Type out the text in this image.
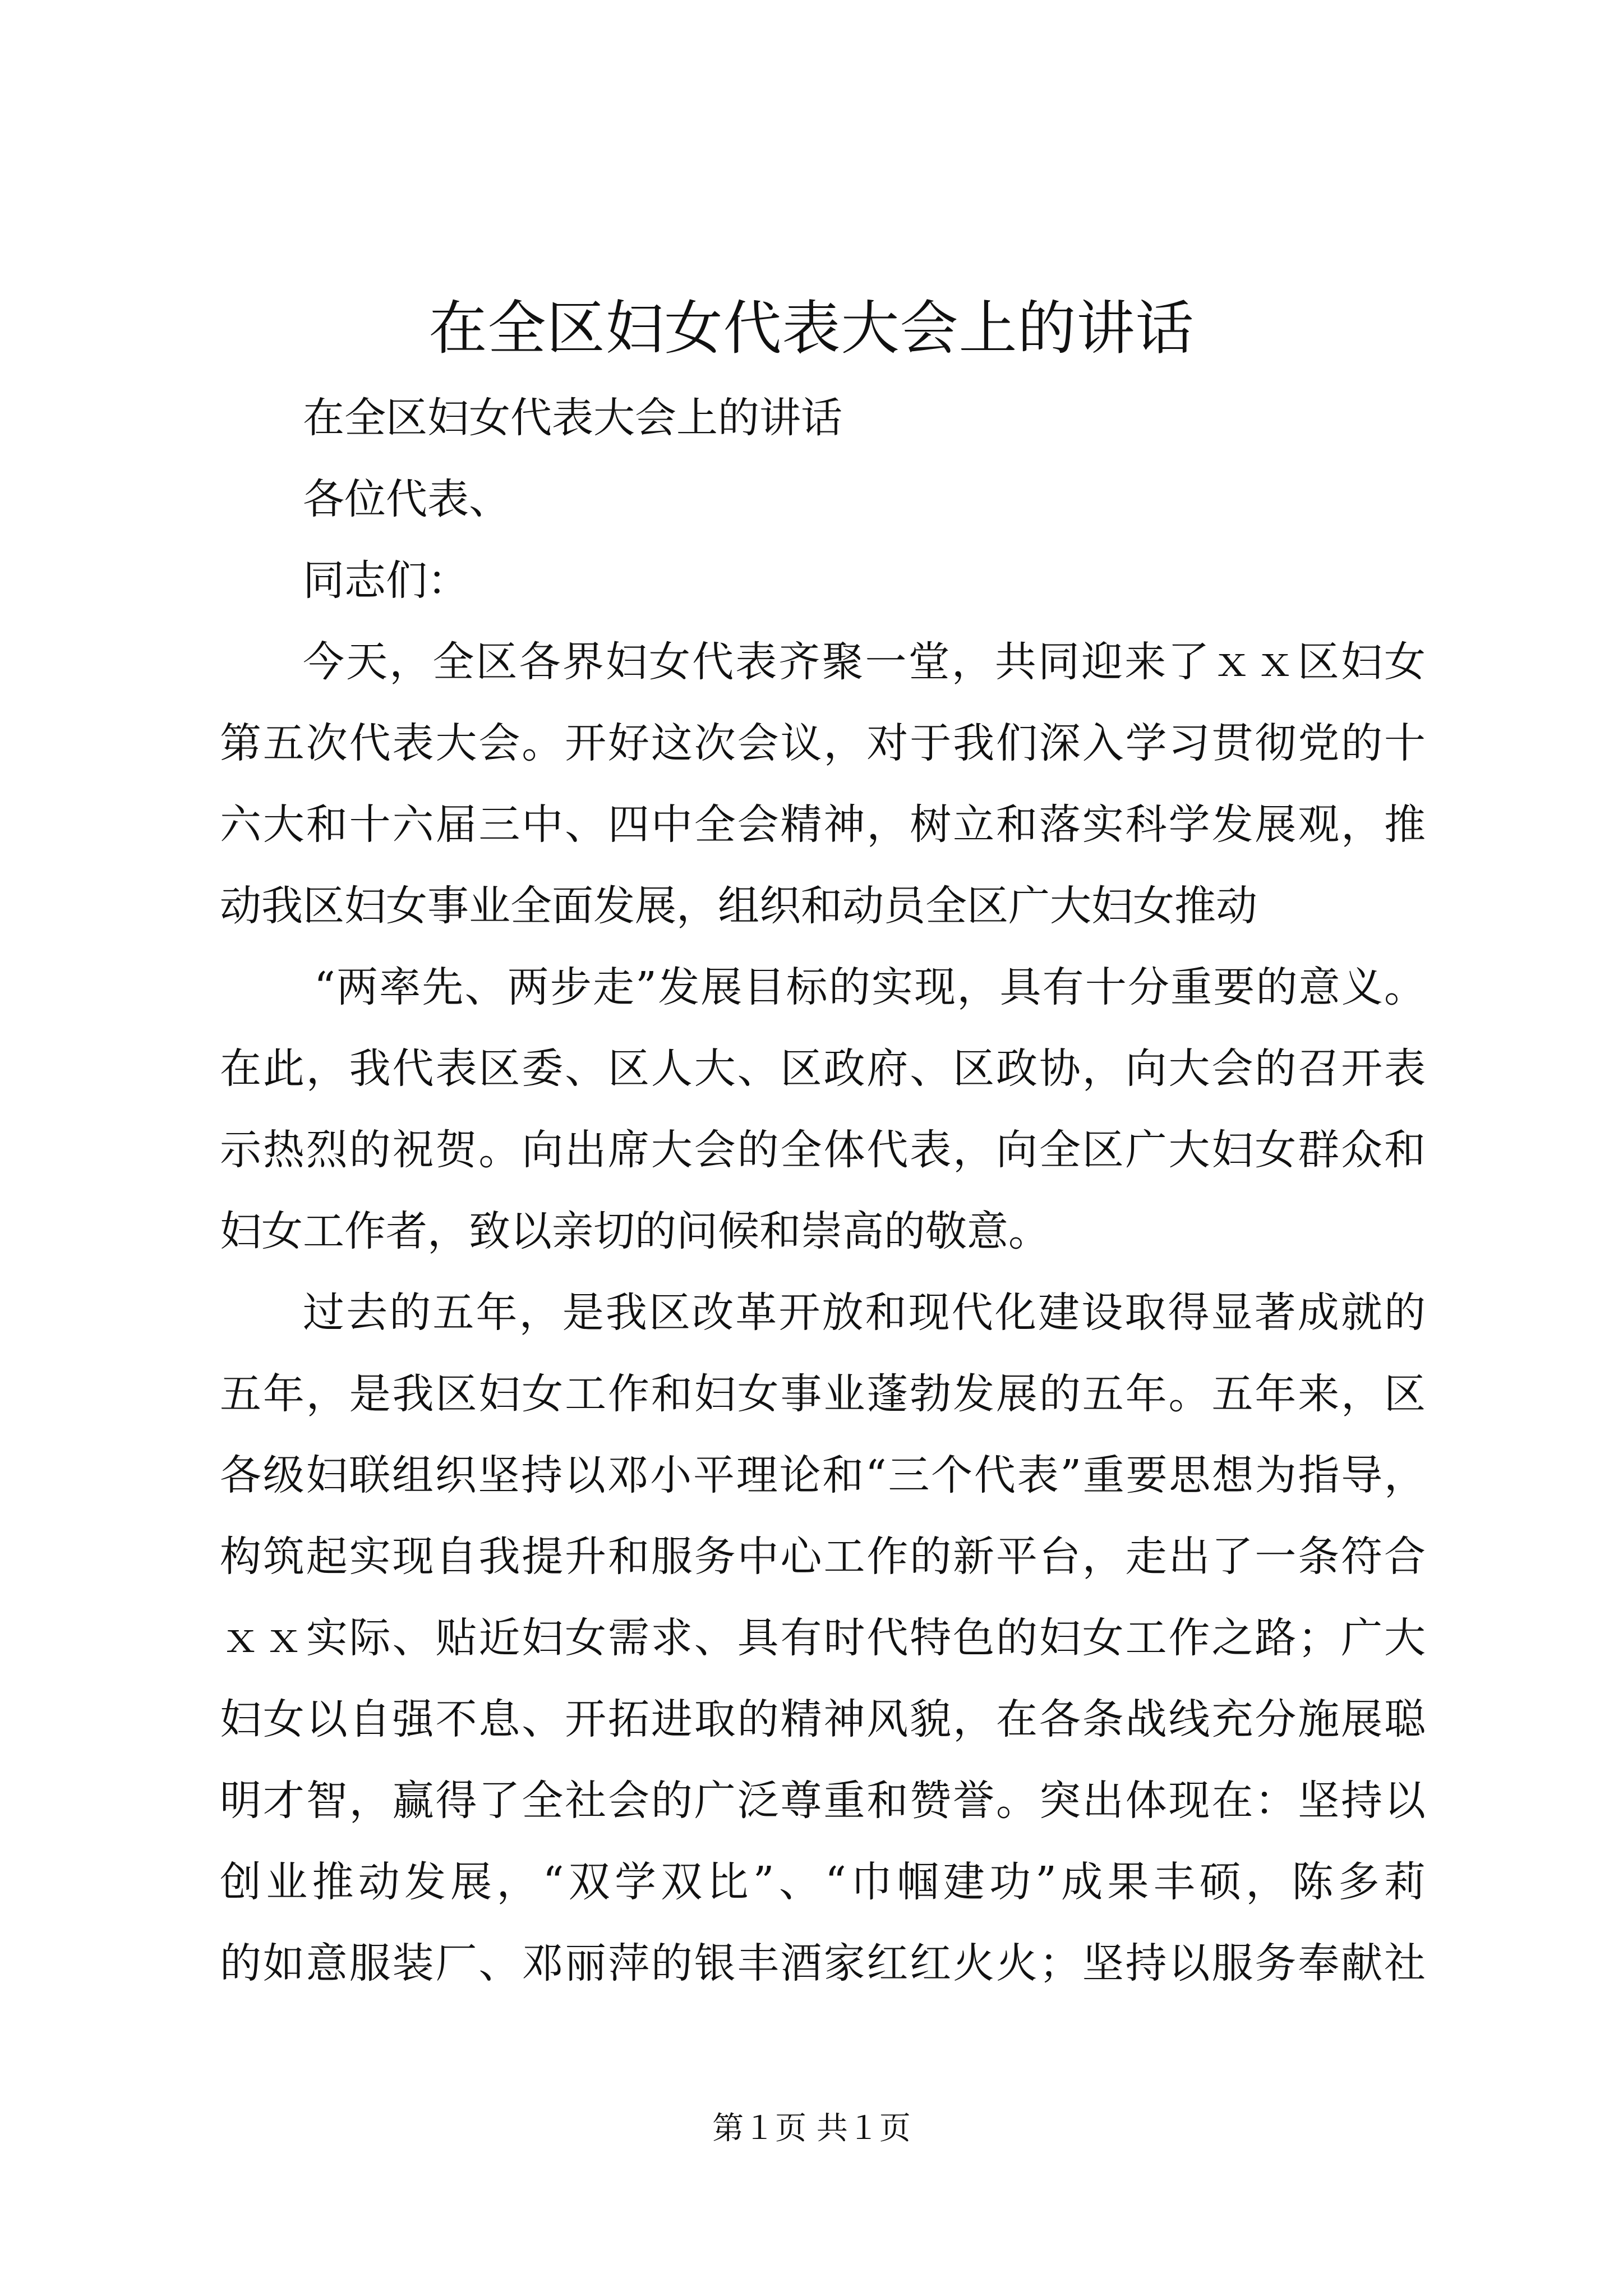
在全区妇女代表大会上的讲话

在全区妇女代表大会上的讲话

各位代表、

同志们：

今天，全区各界妇女代表齐聚一堂，共同迎来了ｘｘ区妇女

第五次代表大会。开好这次会议，对于我们深入学习贯彻党的十

六大和十六届三中、四中全会精神，树立和落实科学发展观，推

动我区妇女事业全面发展，组织和动员全区广大妇女推动

“两率先、两步走”发展目标的实现，具有十分重要的意义。

在此，我代表区委、区人大、区政府、区政协，向大会的召开表

示热烈的祝贺。向出席大会的全体代表，向全区广大妇女群众和

妇女工作者，致以亲切的问候和崇高的敬意。

过去的五年，是我区改革开放和现代化建设取得显著成就的

五年，是我区妇女工作和妇女事业蓬勃发展的五年。五年来，区

各级妇联组织坚持以邓小平理论和“三个代表”重要思想为指导，

构筑起实现自我提升和服务中心工作的新平台，走出了一条符合

ｘｘ实际、贴近妇女需求、具有时代特色的妇女工作之路；广大

妇女以自强不息、开拓进取的精神风貌，在各条战线充分施展聪

明才智，赢得了全社会的广泛尊重和赞誉。突出体现在：坚持以

创业推动发展，“双学双比”、“巾帼建功”成果丰硕，陈多莉

的如意服装厂、邓丽萍的银丰酒家红红火火；坚持以服务奉献社

第１页 共１页
